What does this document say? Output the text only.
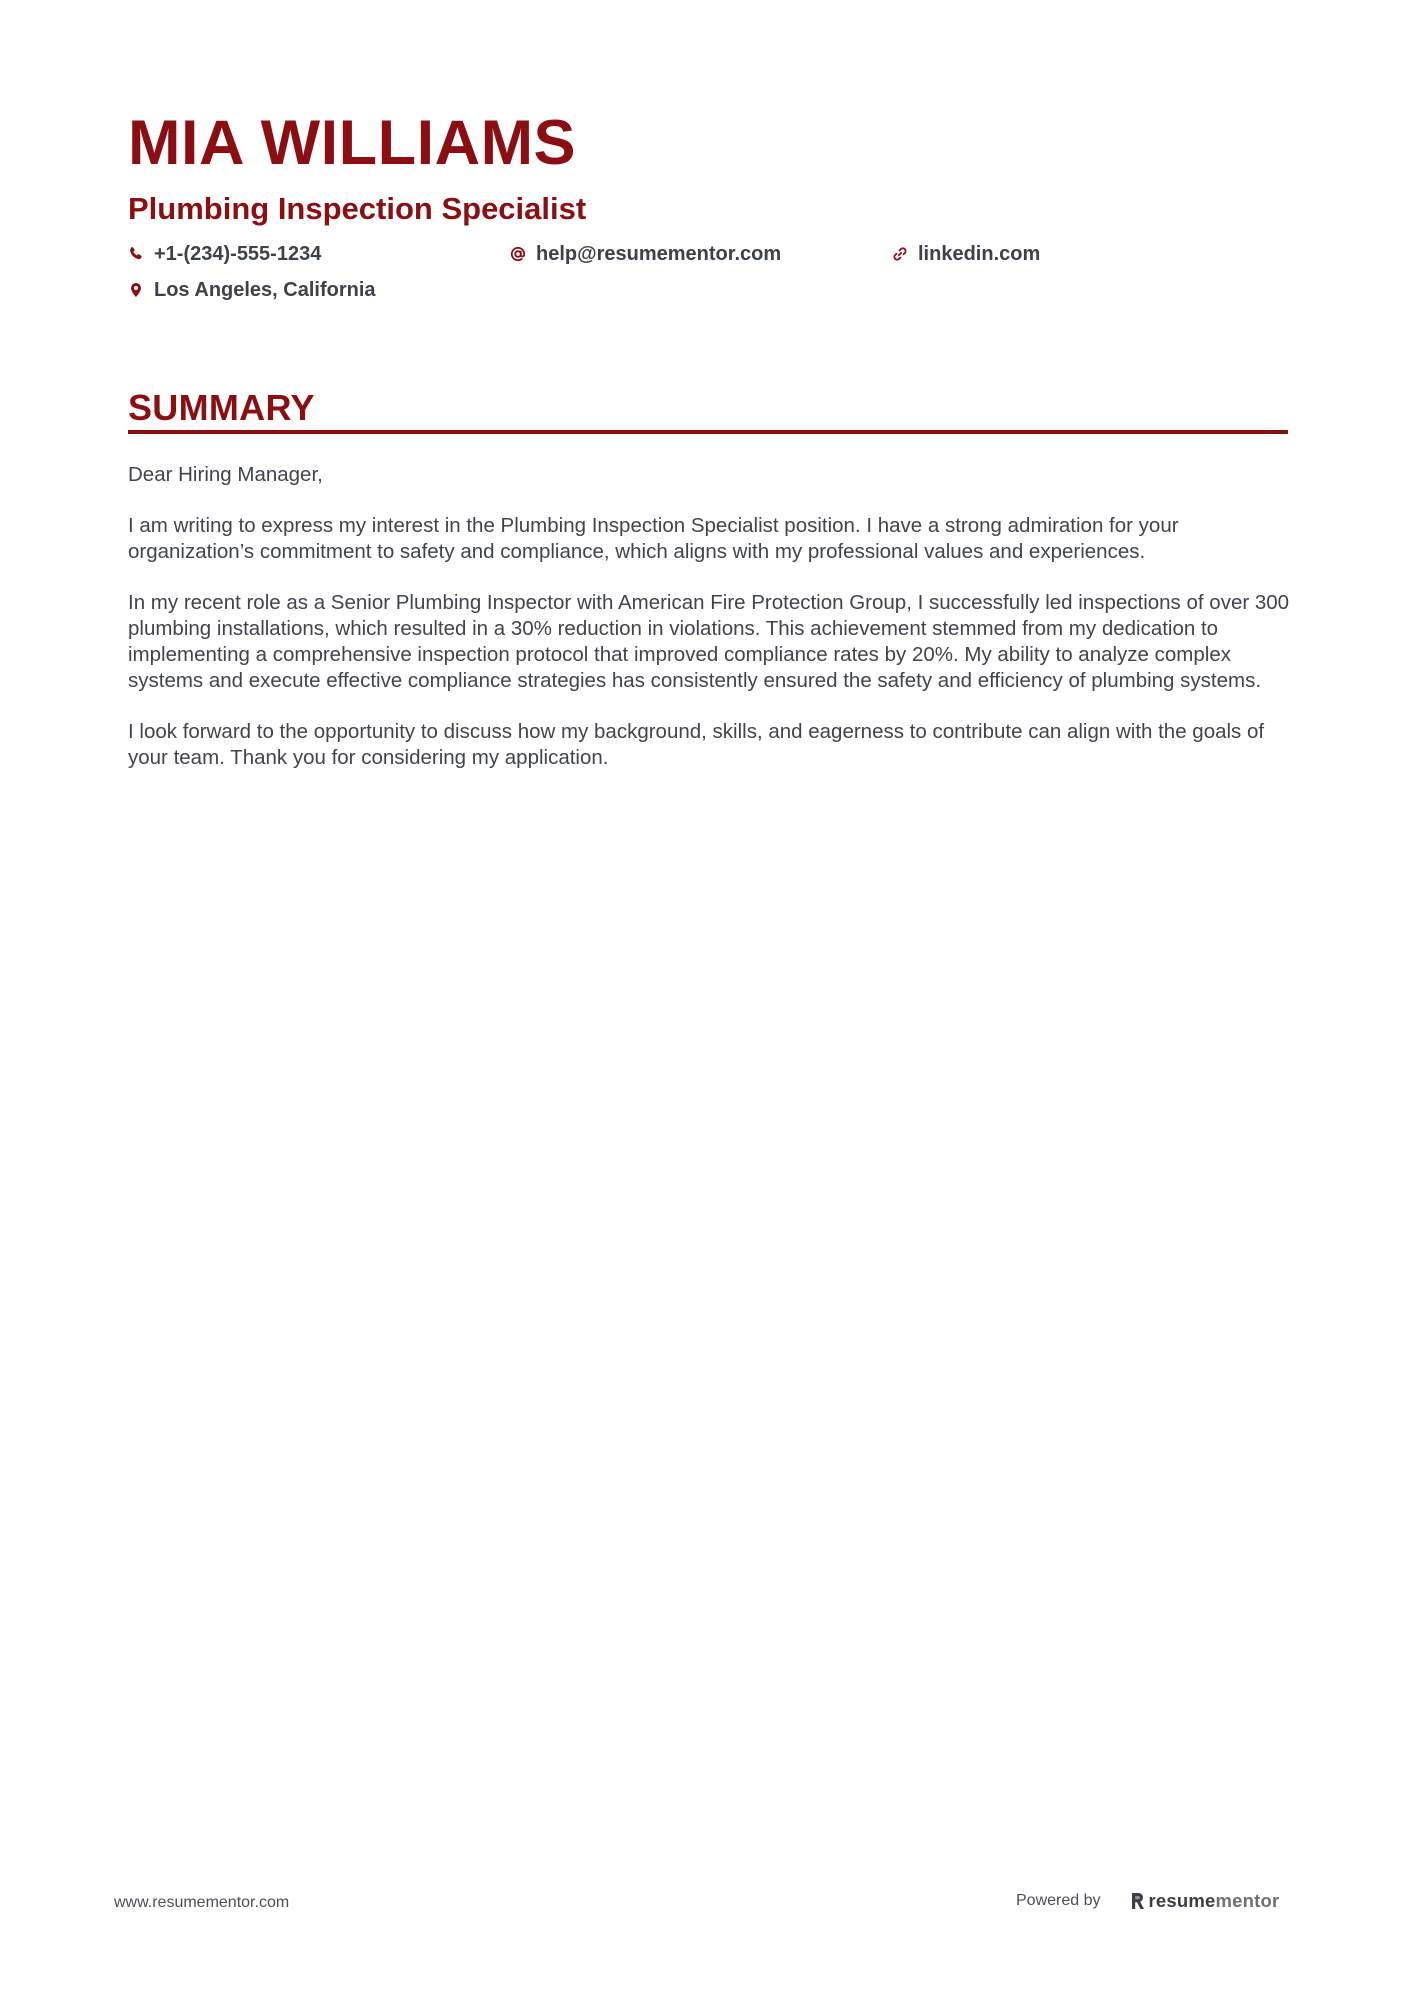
MIA WILLIAMS
Plumbing Inspection Specialist
+1-(234)-555-1234	help@resumementor.com	linkedin.com
Los Angeles, California
SUMMARY

Dear Hiring Manager,

I am writing to express my interest in the Plumbing Inspection Specialist position. I have a strong admiration for your organization’s commitment to safety and compliance, which aligns with my professional values and experiences.

In my recent role as a Senior Plumbing Inspector with American Fire Protection Group, I successfully led inspections of over 300 plumbing installations, which resulted in a 30% reduction in violations. This achievement stemmed from my dedication to implementing a comprehensive inspection protocol that improved compliance rates by 20%. My ability to analyze complex systems and execute effective compliance strategies has consistently ensured the safety and efficiency of plumbing systems.

I look forward to the opportunity to discuss how my background, skills, and eagerness to contribute can align with the goals of your team. Thank you for considering my application.

www.resumementor.com	Powered by	resumementor
